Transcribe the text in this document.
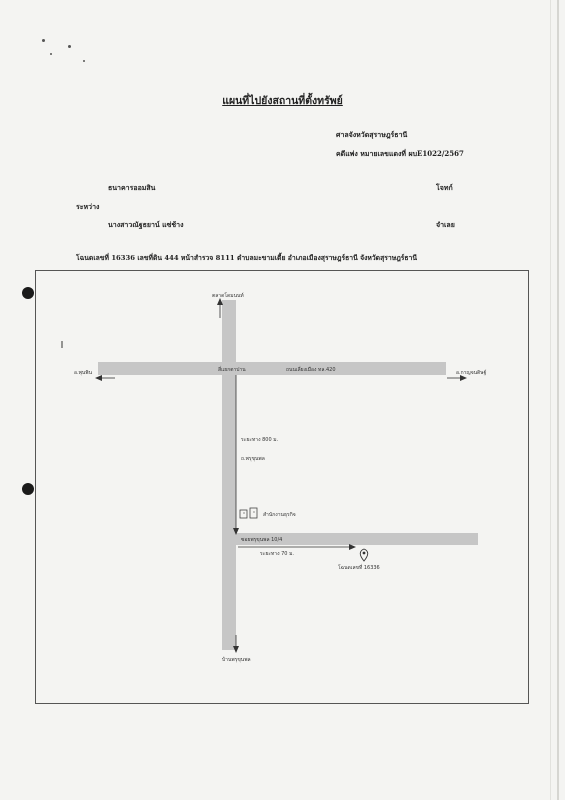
แผนที่ไปยังสถานที่ตั้งทรัพย์
ศาลจังหวัดสุราษฎร์ธานี
คดีแพ่ง หมายเลขแดงที่ ผบE1022/2567
ธนาคารออมสิน	โจทก์
ระหว่าง
นางสาวณัฐธยาน์ แซ่ช้าง	จำเลย
โฉนดเลขที่ 16336 เลขที่ดิน 444 หน้าสำรวจ 8111 ตำบลมะขามเตี้ย อำเภอเมืองสุราษฎร์ธานี จังหวัดสุราษฎร์ธานี
ตลาดโดมนนท์
อ.พุนพิน	อ.กาญจนดิษฐ์
สี่แยกตาปาน	ถนนเลี่ยงเมือง ทล.420
ระยะทาง 800 ม.
ถ.พรุขุนพล
สำนักงานธุรกิจ
ซอยพรุขุนพล 10/4
ระยะทาง 70 ม.
โฉนดเลขที่ 16336
บ้านพรุขุนพล
